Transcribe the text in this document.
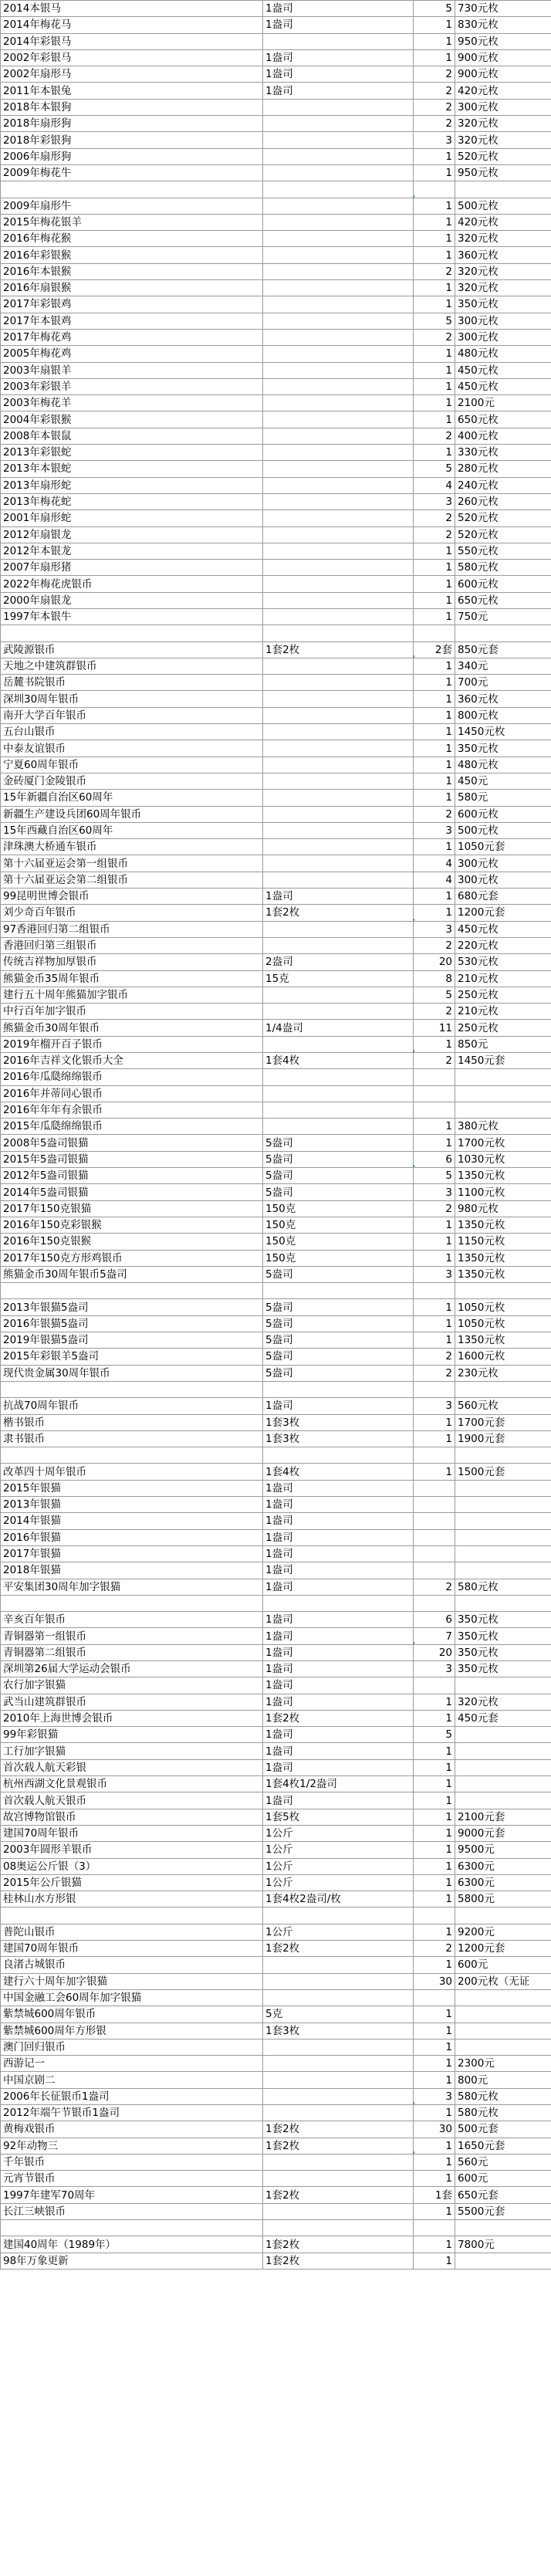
2014本银马	1盎司	5	730元枚
2014年梅花马	1盎司	1	830元枚
2014年彩银马		1	950元枚
2002年彩银马	1盎司	1	900元枚
2002年扇形马	1盎司	2	900元枚
2011年本银兔	1盎司	2	420元枚
2018年本银狗		2	300元枚
2018年扇形狗		2	320元枚
2018年彩银狗		3	320元枚
2006年扇形狗		1	520元枚
2009年梅花牛		1	950元枚

2009年扇形牛		1	500元枚
2015年梅花银羊		1	420元枚
2016年梅花猴		1	320元枚
2016年彩银猴		1	360元枚
2016年本银猴		2	320元枚
2016年扇银猴		1	320元枚
2017年彩银鸡		1	350元枚
2017年本银鸡		5	300元枚
2017年梅花鸡		2	300元枚
2005年梅花鸡		1	480元枚
2003年扇银羊		1	450元枚
2003年彩银羊		1	450元枚
2003年梅花羊		1	2100元
2004年彩银猴		1	650元枚
2008年本银鼠		2	400元枚
2013年彩银蛇		1	330元枚
2013年本银蛇		5	280元枚
2013年扇形蛇		4	240元枚
2013年梅花蛇		3	260元枚
2001年扇形蛇		2	520元枚
2012年扇银龙		2	520元枚
2012年本银龙		1	550元枚
2007年扇形猪		1	580元枚
2022年梅花虎银币		1	600元枚
2000年扇银龙		1	650元枚
1997年本银牛		1	750元

武陵源银币	1套2枚	2套	850元套
天地之中建筑群银币		1	340元
岳麓书院银币		1	700元
深圳30周年银币		1	360元枚
南开大学百年银币		1	800元枚
五台山银币		1	1450元枚
中泰友谊银币		1	350元枚
宁夏60周年银币		1	480元枚
金砖厦门金陵银币		1	450元
15年新疆自治区60周年		1	580元
新疆生产建设兵团60周年银币		2	600元枚
15年西藏自治区60周年		3	500元枚
津珠澳大桥通车银币		1	1050元套
第十六届亚运会第一组银币		4	300元枚
第十六届亚运会第二组银币		4	300元枚
99昆明世博会银币	1盎司	1	680元套
刘少奇百年银币	1套2枚	1	1200元套
97香港回归第二组银币		3	450元枚
香港回归第三组银币		2	220元枚
传统吉祥物加厚银币	2盎司	20	530元枚
熊猫金币35周年银币	15克	8	210元枚
建行五十周年熊猫加字银币		5	250元枚
中行百年加字银币		2	210元枚
熊猫金币30周年银币	1/4盎司	11	250元枚
2019年榴开百子银币		1	850元
2016年吉祥文化银币大全	1套4枚	2	1450元套
2016年瓜瓞绵绵银币			
2016年并蒂同心银币			
2016年年年有余银币			
2015年瓜瓞绵绵银币		1	380元枚
2008年5盎司银猫	5盎司	1	1700元枚
2015年5盎司银猫	5盎司	6	1030元枚
2012年5盎司银猫	5盎司	5	1350元枚
2014年5盎司银猫	5盎司	3	1100元枚
2017年150克银猫	150克	2	980元枚
2016年150克彩银猴	150克	1	1350元枚
2016年150克银猴	150克	1	1150元枚
2017年150克方形鸡银币	150克	1	1350元枚
熊猫金币30周年银币5盎司	5盎司	3	1350元枚

2013年银猫5盎司	5盎司	1	1050元枚
2016年银猫5盎司	5盎司	1	1050元枚
2019年银猫5盎司	5盎司	1	1350元枚
2015年彩银羊5盎司	5盎司	2	1600元枚
现代贵金属30周年银币	5盎司	2	230元枚

抗战70周年银币	1盎司	3	560元枚
楷书银币	1套3枚	1	1700元套
隶书银币	1套3枚	1	1900元套

改革四十周年银币	1套4枚	1	1500元套
2015年银猫	1盎司		
2013年银猫	1盎司		
2014年银猫	1盎司		
2016年银猫	1盎司		
2017年银猫	1盎司		
2018年银猫	1盎司		
平安集团30周年加字银猫	1盎司	2	580元枚

辛亥百年银币	1盎司	6	350元枚
青铜器第一组银币	1盎司	7	350元枚
青铜器第二组银币	1盎司	20	350元枚
深圳第26届大学运动会银币	1盎司	3	350元枚
农行加字银猫	1盎司		
武当山建筑群银币	1盎司	1	320元枚
2010年上海世博会银币	1套2枚	1	450元套
99年彩银猫	1盎司	5	
工行加字银猫	1盎司	1	
首次载人航天彩银	1盎司	1	
杭州西湖文化景观银币	1套4枚1/2盎司	1	
首次载人航天银币	1盎司	1	
故宫博物馆银币	1套5枚	1	2100元套
建国70周年银币	1公斤	1	9000元套
2003年圆形羊银币	1公斤	1	9500元
08奥运公斤银（3）	1公斤	1	6300元
2015年公斤银猫	1公斤	1	6300元
桂林山水方形银	1套4枚2盎司/枚	1	5800元

普陀山银币	1公斤	1	9200元
建国70周年银币	1套2枚	2	1200元套
良渚古城银币		1	600元
建行六十周年加字银猫		30	200元枚（无证
中国金融工会60周年加字银猫			
紫禁城600周年银币	5克	1	
紫禁城600周年方形银	1套3枚	1	
澳门回归银币		1	
西游记一		1	2300元
中国京剧二		1	800元
2006年长征银币1盎司		3	580元枚
2012年端午节银币1盎司		1	580元枚
黄梅戏银币	1套2枚	30	500元套
92年动物三	1套2枚	1	1650元套
千年银币		1	560元
元宵节银币		1	600元
1997年建军70周年	1套2枚	1套	650元套
长江三峡银币		1	5500元套

建国40周年（1989年）	1套2枚	1	7800元
98年万象更新	1套2枚	1	
